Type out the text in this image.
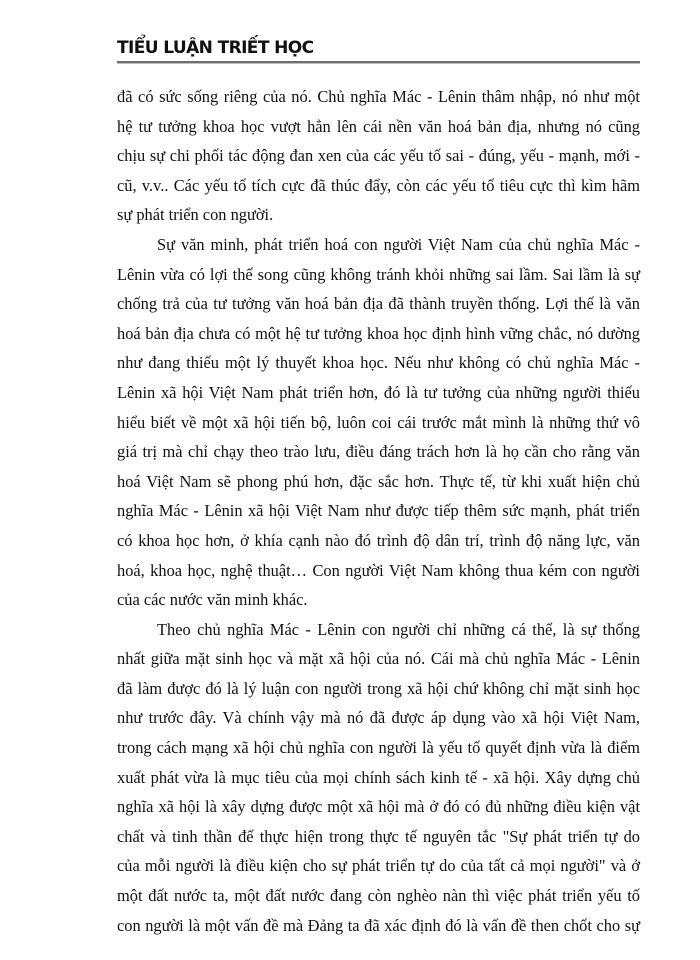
TIỂU LUẬN TRIẾT HỌC
đã có sức sống riêng của nó. Chủ nghĩa Mác - Lênin thâm nhập, nó như một
hệ tư tưởng khoa học vượt hẳn lên cái nền văn hoá bản địa, nhưng nó cũng
chịu sự chi phối tác động đan xen của các yếu tố sai - đúng, yếu - mạnh, mới -
cũ, v.v.. Các yếu tố tích cực đã thúc đẩy, còn các yếu tố tiêu cực thì kìm hãm
sự phát triển con người.
Sự văn minh, phát triển hoá con người Việt Nam của chủ nghĩa Mác -
Lênin vừa có lợi thế song cũng không tránh khỏi những sai lầm. Sai lầm là sự
chống trả của tư tưởng văn hoá bản địa đã thành truyền thống. Lợi thế là văn
hoá bản địa chưa có một hệ tư tưởng khoa học định hình vững chắc, nó dường
như đang thiếu một lý thuyết khoa học. Nếu như không có chủ nghĩa Mác -
Lênin xã hội Việt Nam phát triển hơn, đó là tư tưởng của những người thiếu
hiểu biết về một xã hội tiến bộ, luôn coi cái trước mắt mình là những thứ vô
giá trị mà chỉ chạy theo trào lưu, điều đáng trách hơn là họ cần cho rằng văn
hoá Việt Nam sẽ phong phú hơn, đặc sắc hơn. Thực tế, từ khi xuất hiện chủ
nghĩa Mác - Lênin xã hội Việt Nam như được tiếp thêm sức mạnh, phát triển
có khoa học hơn, ở khía cạnh nào đó trình độ dân trí, trình độ năng lực, văn
hoá, khoa học, nghệ thuật… Con người Việt Nam không thua kém con người
của các nước văn minh khác.
Theo chủ nghĩa Mác - Lênin con người chỉ những cá thể, là sự thống
nhất giữa mặt sinh học và mặt xã hội của nó. Cái mà chủ nghĩa Mác - Lênin
đã làm được đó là lý luận con người trong xã hội chứ không chỉ mặt sinh học
như trước đây. Và chính vậy mà nó đã được áp dụng vào xã hội Việt Nam,
trong cách mạng xã hội chủ nghĩa con người là yếu tố quyết định vừa là điểm
xuất phát vừa là mục tiêu của mọi chính sách kinh tế - xã hội. Xây dựng chủ
nghĩa xã hội là xây dựng được một xã hội mà ở đó có đủ những điều kiện vật
chất và tinh thần để thực hiện trong thực tế nguyên tắc "Sự phát triển tự do
của mỗi người là điều kiện cho sự phát triển tự do của tất cả mọi người" và ở
một đất nước ta, một đất nước đang còn nghèo nàn thì việc phát triển yếu tố
con người là một vấn đề mà Đảng ta đã xác định đó là vấn đề then chốt cho sự
